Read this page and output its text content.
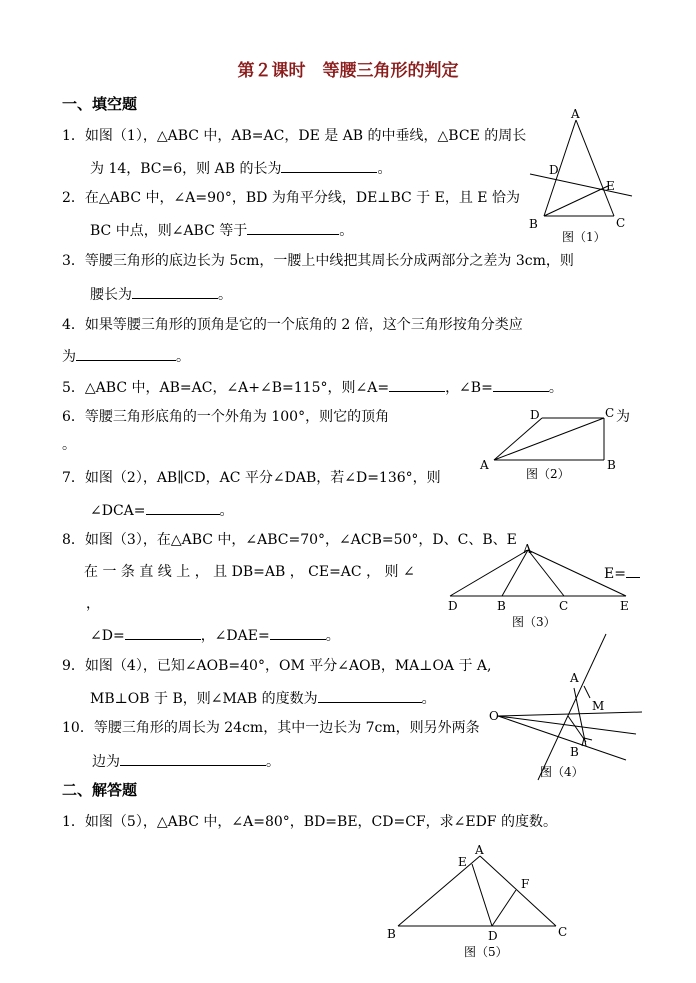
第２课时　等腰三角形的判定
一、填空题
1．如图（1），△ABC 中，AB=AC，DE 是 AB 的中垂线，△BCE 的周长
为 14，BC=6，则 AB 的长为	。
2．在△ABC 中，∠A=90°，BD 为角平分线，DE⊥BC 于 E，且 E 恰为
BC 中点，则∠ABC 等于	。
3．等腰三角形的底边长为 5cm，一腰上中线把其周长分成两部分之差为 3cm，则
腰长为	。
4．如果等腰三角形的顶角是它的一个底角的 2 倍，这个三角形按角分类应
为	。
5．△ABC 中，AB=AC，∠A+∠B=115°，则∠A=	，∠B=	。
6．等腰三角形底角的一个外角为 100°，则它的顶角	为
。
7．如图（2），AB∥CD，AC 平分∠DAB，若∠D=136°，则
∠DCA=	。
8．如图（3），在△ABC 中，∠ABC=70°，∠ACB=50°，D、C、B、E
在 一 条 直 线 上 ， 且 DB=AB ， CE=AC ， 则 ∠	E=
，
∠D=	，∠DAE=	。
9．如图（4），已知∠AOB=40°，OM 平分∠AOB，MA⊥OA 于 A,
MB⊥OB 于 B，则∠MAB 的度数为	。
10．等腰三角形的周长为 24cm，其中一边长为 7cm，则另外两条
边为	。
二、解答题
1．如图（5），△ABC 中，∠A=80°，BD=BE，CD=CF，求∠EDF 的度数。
A
B	C
D
E
图（1）
A	B
C
D
图（2）
A
D	B	C	E
图（3）
A
B
M
O
图（4）
A
E
F
B	D	C
图（5）
